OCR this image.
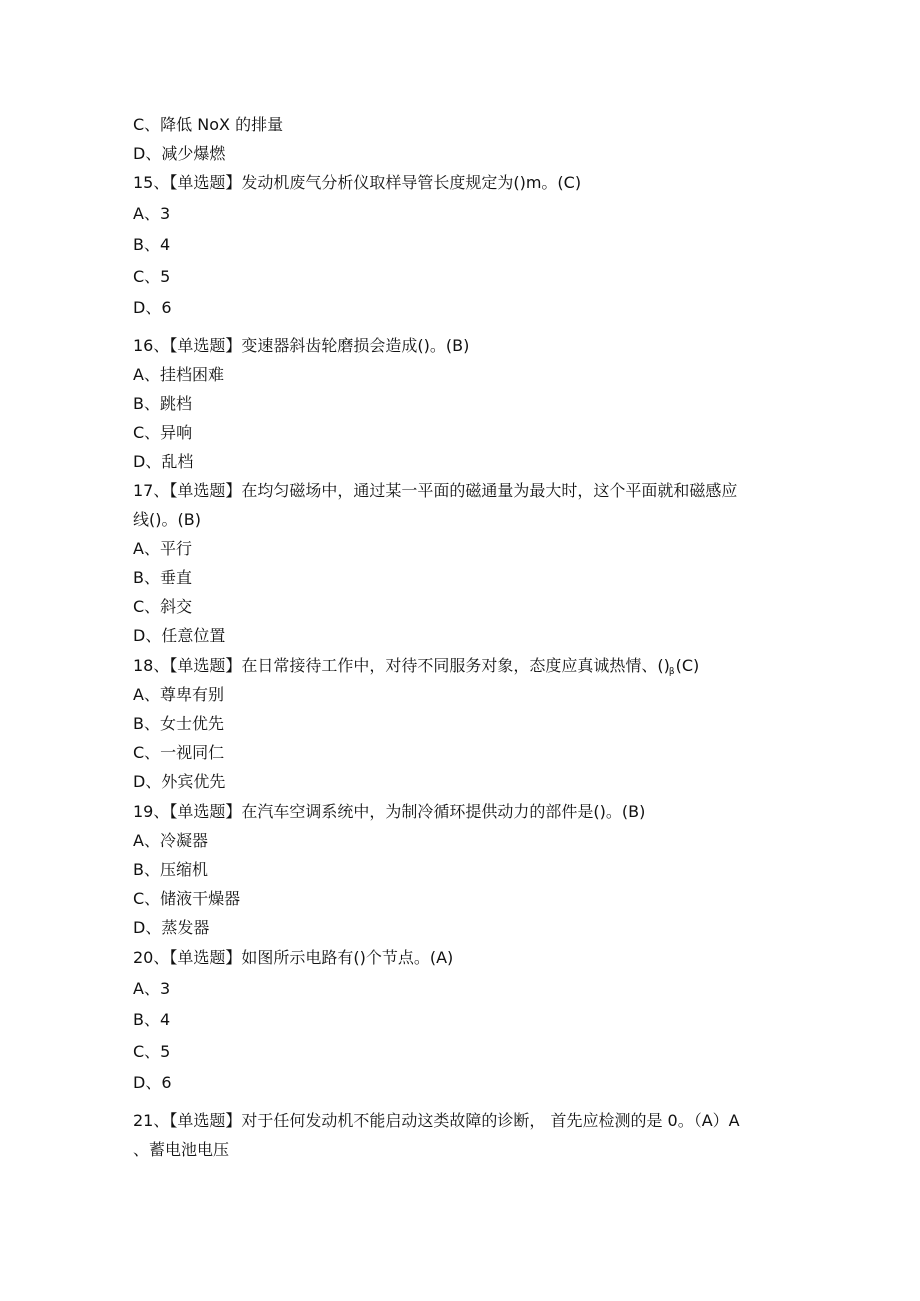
C、降低 NoX 的排量

D、减少爆燃

15、【单选题】发动机废气分析仪取样导管长度规定为()m。(C)

A、3

B、4

C、5

D、6

16、【单选题】变速器斜齿轮磨损会造成()。(B)

A、挂档困难

B、跳档

C、异响

D、乱档

17、【单选题】在均匀磁场中，通过某一平面的磁通量为最大时，这个平面就和磁感应

线()。(B)

A、平行

B、垂直

C、斜交

D、任意位置

18、【单选题】在日常接待工作中，对待不同服务对象，态度应真诚热情、$()_\beta(C)$

A、尊卑有别

B、女士优先

C、一视同仁

D、外宾优先

19、【单选题】在汽车空调系统中，为制冷循环提供动力的部件是()。(B)

A、冷凝器

B、压缩机

C、储液干燥器

D、蒸发器

20、【单选题】如图所示电路有()个节点。(A)

A、3

B、4

C、5

D、6

21、【单选题】对于任何发动机不能启动这类故障的诊断， 首先应检测的是 0。（A）A

、蓄电池电压
